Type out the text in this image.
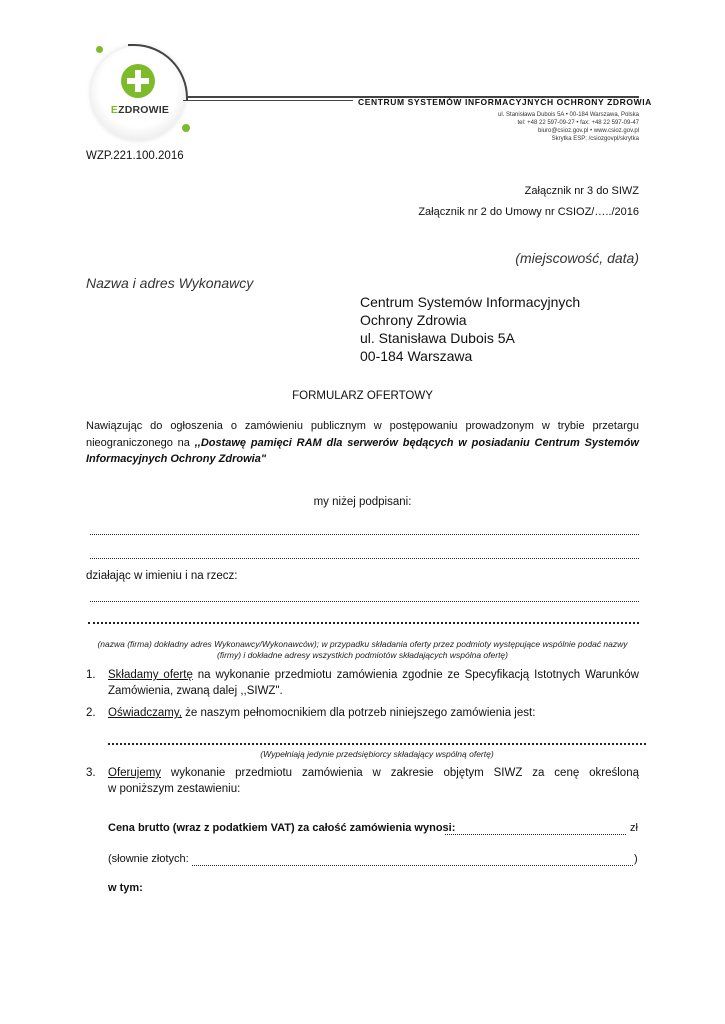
EZDROWIE
CENTRUM SYSTEMÓW INFORMACYJNYCH OCHRONY ZDROWIA
ul. Stanisława Dubois 5A • 00-184 Warszawa, Polska
tel: +48 22 597-09-27 • fax: +48 22 597-09-47
biuro@csioz.gov.pl • www.csioz.gov.pl
Skrytka ESP: /csiozgovpl/skrytka
WZP.221.100.2016
Załącznik nr 3 do SIWZ
Załącznik nr 2 do Umowy nr CSIOZ/…../2016
(miejscowość, data)
Nazwa i adres Wykonawcy
Centrum Systemów Informacyjnych
Ochrony Zdrowia
ul. Stanisława Dubois 5A
00-184 Warszawa
FORMULARZ OFERTOWY
Nawiązując do ogłoszenia o zamówieniu publicznym w postępowaniu prowadzonym w trybie przetargu
nieograniczonego na ,,Dostawę pamięci RAM dla serwerów będących w posiadaniu Centrum Systemów
Informacyjnych Ochrony Zdrowia"
my niżej podpisani:
działając w imieniu i na rzecz:
(nazwa (firma) dokładny adres Wykonawcy/Wykonawców); w przypadku składania oferty przez podmioty występujące wspólnie podać nazwy
(firmy) i dokładne adresy wszystkich podmiotów składających wspólna ofertę)
1. Składamy ofertę na wykonanie przedmiotu zamówienia zgodnie ze Specyfikacją Istotnych Warunków
Zamówienia, zwaną dalej ,,SIWZ".
2. Oświadczamy, że naszym pełnomocnikiem dla potrzeb niniejszego zamówienia jest:
(Wypełniają jedynie przedsiębiorcy składający wspólną ofertę)
3. Oferujemy wykonanie przedmiotu zamówienia w zakresie objętym SIWZ za cenę określoną
w poniższym zestawieniu:
Cena brutto (wraz z podatkiem VAT) za całość zamówienia wynosi:	zł
(słownie złotych:	)
w tym:
